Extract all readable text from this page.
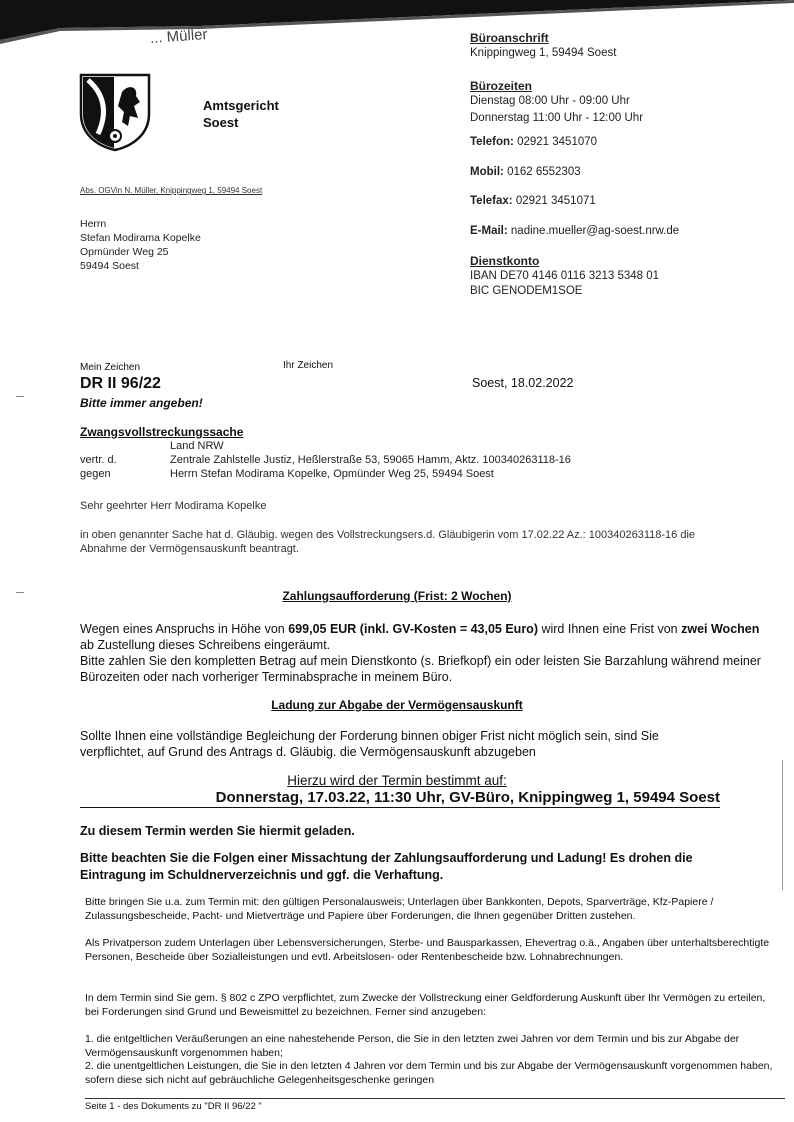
... Müller
Amtsgericht
Soest
Abs. OGVin N. Müller, Knippingweg 1, 59494 Soest
Herrn
Stefan Modirama Kopelke
Opmünder Weg 25
59494 Soest
Büroanschrift
Knippingweg 1, 59494 Soest
Bürozeiten
Dienstag 08:00 Uhr - 09:00 Uhr
Donnerstag 11:00 Uhr - 12:00 Uhr
Telefon: 02921 3451070
Mobil: 0162 6552303
Telefax: 02921 3451071
E-Mail: nadine.mueller@ag-soest.nrw.de
Dienstkonto
IBAN DE70 4146 0116 3213 5348 01
BIC GENODEM1SOE
Mein Zeichen	Ihr Zeichen
DR II 96/22
Bitte immer angeben!
Soest, 18.02.2022
Zwangsvollstreckungssache
Land NRW
vertr. d.	Zentrale Zahlstelle Justiz, Heßlerstraße 53, 59065 Hamm, Aktz. 100340263118-16
gegen	Herrn Stefan Modirama Kopelke, Opmünder Weg 25, 59494 Soest
Sehr geehrter Herr Modirama Kopelke
in oben genannter Sache hat d. Gläubig. wegen des Vollstreckungsers.d. Gläubigerin vom 17.02.22 Az.: 100340263118-16 die Abnahme der Vermögensauskunft beantragt.
Zahlungsaufforderung (Frist: 2 Wochen)
Wegen eines Anspruchs in Höhe von 699,05 EUR (inkl. GV-Kosten = 43,05 Euro) wird Ihnen eine Frist von zwei Wochen ab Zustellung dieses Schreibens eingeräumt.
Bitte zahlen Sie den kompletten Betrag auf mein Dienstkonto (s. Briefkopf) ein oder leisten Sie Barzahlung während meiner Bürozeiten oder nach vorheriger Terminabsprache in meinem Büro.
Ladung zur Abgabe der Vermögensauskunft
Sollte Ihnen eine vollständige Begleichung der Forderung binnen obiger Frist nicht möglich sein, sind Sie verpflichtet, auf Grund des Antrags d. Gläubig. die Vermögensauskunft abzugeben
Hierzu wird der Termin bestimmt auf:
Donnerstag, 17.03.22, 11:30 Uhr, GV-Büro, Knippingweg 1, 59494 Soest
Zu diesem Termin werden Sie hiermit geladen.
Bitte beachten Sie die Folgen einer Missachtung der Zahlungsaufforderung und Ladung! Es drohen die Eintragung im Schuldnerverzeichnis und ggf. die Verhaftung.
Bitte bringen Sie u.a. zum Termin mit: den gültigen Personalausweis; Unterlagen über Bankkonten, Depots, Sparverträge, Kfz-Papiere / Zulassungsbescheide, Pacht- und Mietverträge und Papiere über Forderungen, die Ihnen gegenüber Dritten zustehen.
Als Privatperson zudem Unterlagen über Lebensversicherungen, Sterbe- und Bausparkassen, Ehevertrag o.ä., Angaben über unterhaltsberechtigte Personen, Bescheide über Sozialleistungen und evtl. Arbeitslosen- oder Rentenbescheide bzw. Lohnabrechnungen.
In dem Termin sind Sie gem. § 802 c ZPO verpflichtet, zum Zwecke der Vollstreckung einer Geldforderung Auskunft über Ihr Vermögen zu erteilen, bei Forderungen sind Grund und Beweismittel zu bezeichnen. Ferner sind anzugeben:
1. die entgeltlichen Veräußerungen an eine nahestehende Person, die Sie in den letzten zwei Jahren vor dem Termin und bis zur Abgabe der Vermögensauskunft vorgenommen haben;
2. die unentgeltlichen Leistungen, die Sie in den letzten 4 Jahren vor dem Termin und bis zur Abgabe der Vermögensauskunft vorgenommen haben, sofern diese sich nicht auf gebräuchliche Gelegenheitsgeschenke geringen
Seite 1 - des Dokuments zu "DR II 96/22 "
